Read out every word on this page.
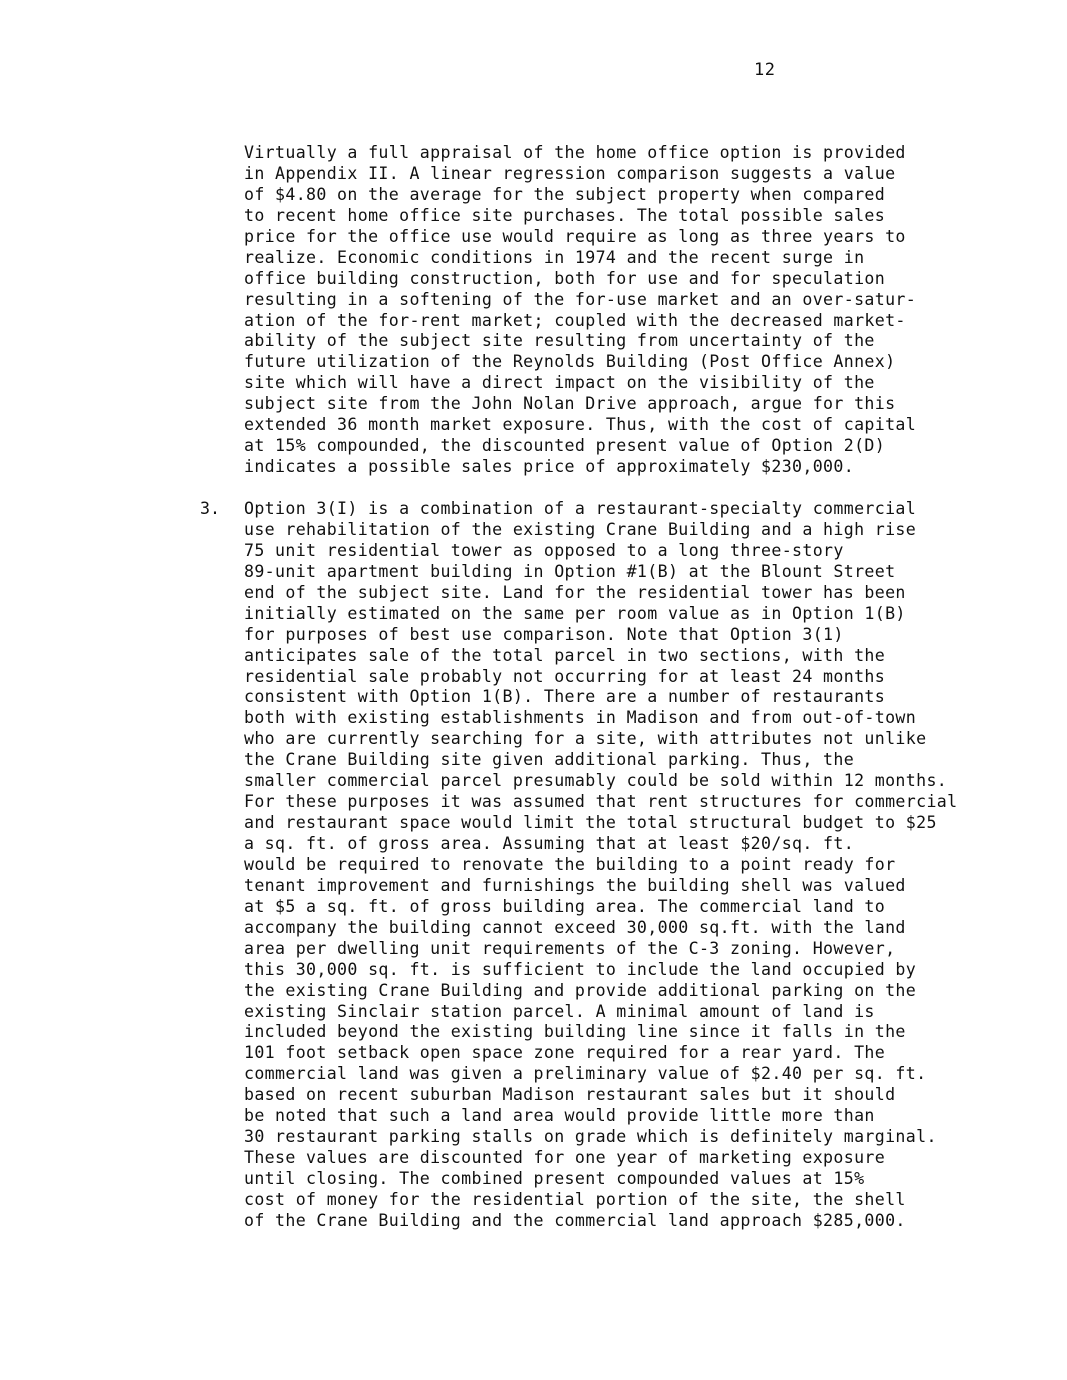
12
Virtually a full appraisal of the home office option is provided
in Appendix II. A linear regression comparison suggests a value
of $4.80 on the average for the subject property when compared
to recent home office site purchases. The total possible sales
price for the office use would require as long as three years to
realize. Economic conditions in 1974 and the recent surge in
office building construction, both for use and for speculation
resulting in a softening of the for-use market and an over-satur-
ation of the for-rent market; coupled with the decreased market-
ability of the subject site resulting from uncertainty of the
future utilization of the Reynolds Building (Post Office Annex)
site which will have a direct impact on the visibility of the
subject site from the John Nolan Drive approach, argue for this
extended 36 month market exposure. Thus, with the cost of capital
at 15% compounded, the discounted present value of Option 2(D)
indicates a possible sales price of approximately $230,000.
3. Option 3(I) is a combination of a restaurant-specialty commercial
use rehabilitation of the existing Crane Building and a high rise
75 unit residential tower as opposed to a long three-story
89-unit apartment building in Option #1(B) at the Blount Street
end of the subject site. Land for the residential tower has been
initially estimated on the same per room value as in Option 1(B)
for purposes of best use comparison. Note that Option 3(1)
anticipates sale of the total parcel in two sections, with the
residential sale probably not occurring for at least 24 months
consistent with Option 1(B). There are a number of restaurants
both with existing establishments in Madison and from out-of-town
who are currently searching for a site, with attributes not unlike
the Crane Building site given additional parking. Thus, the
smaller commercial parcel presumably could be sold within 12 months.
For these purposes it was assumed that rent structures for commercial
and restaurant space would limit the total structural budget to $25
a sq. ft. of gross area. Assuming that at least $20/sq. ft.
would be required to renovate the building to a point ready for
tenant improvement and furnishings the building shell was valued
at $5 a sq. ft. of gross building area. The commercial land to
accompany the building cannot exceed 30,000 sq.ft. with the land
area per dwelling unit requirements of the C-3 zoning. However,
this 30,000 sq. ft. is sufficient to include the land occupied by
the existing Crane Building and provide additional parking on the
existing Sinclair station parcel. A minimal amount of land is
included beyond the existing building line since it falls in the
101 foot setback open space zone required for a rear yard. The
commercial land was given a preliminary value of $2.40 per sq. ft.
based on recent suburban Madison restaurant sales but it should
be noted that such a land area would provide little more than
30 restaurant parking stalls on grade which is definitely marginal.
These values are discounted for one year of marketing exposure
until closing. The combined present compounded values at 15%
cost of money for the residential portion of the site, the shell
of the Crane Building and the commercial land approach $285,000.
